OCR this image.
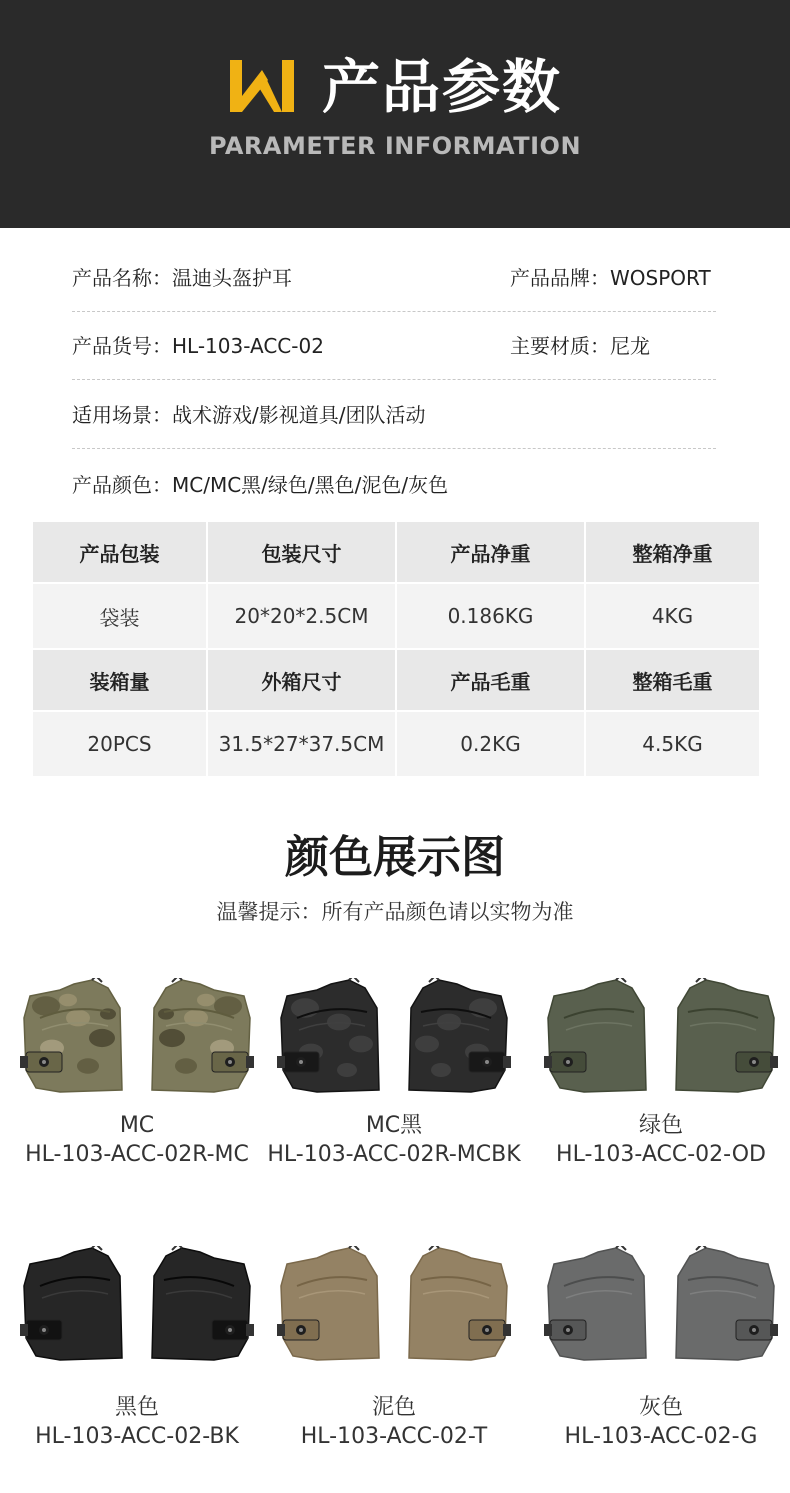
产品参数
PARAMETER INFORMATION
产品名称：温迪头盔护耳	产品品牌：WOSPORT
产品货号：HL-103-ACC-02	主要材质：尼龙
适用场景：战术游戏/影视道具/团队活动
产品颜色：MC/MC黑/绿色/黑色/泥色/灰色
产品包装	包装尺寸	产品净重	整箱净重
袋装	20*20*2.5CM	0.186KG	4KG
装箱量	外箱尺寸	产品毛重	整箱毛重
20PCS	31.5*27*37.5CM	0.2KG	4.5KG
颜色展示图
温馨提示：所有产品颜色请以实物为准
MC
HL-103-ACC-02R-MC
MC黑
HL-103-ACC-02R-MCBK
绿色
HL-103-ACC-02-OD
黑色
HL-103-ACC-02-BK
泥色
HL-103-ACC-02-T
灰色
HL-103-ACC-02-G
